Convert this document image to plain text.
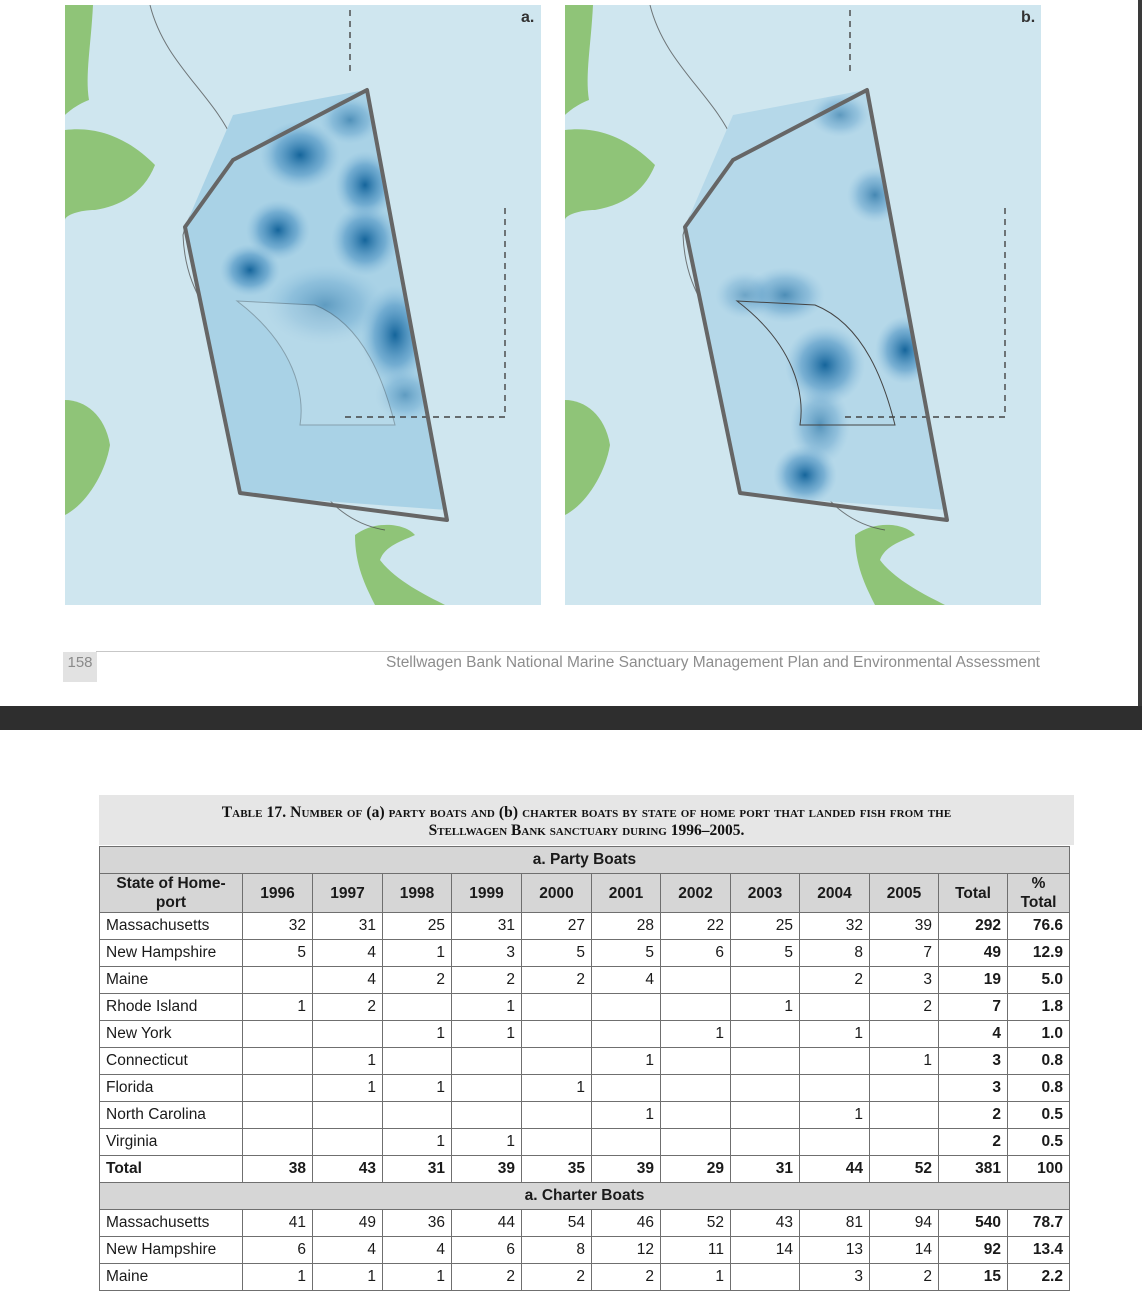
a.	b.
158	Stellwagen Bank National Marine Sanctuary Management Plan and Environmental Assessment
Table 17. Number of (a) party boats and (b) charter boats by state of home port that landed fish from the
Stellwagen Bank sanctuary during 1996–2005.
a. Party Boats												
State of Home-port	1996	1997	1998	1999	2000	2001	2002	2003	2004	2005	Total	% Total
Massachusetts	32	31	25	31	27	28	22	25	32	39	292	76.6
New Hampshire	5	4	1	3	5	5	6	5	8	7	49	12.9
Maine		4	2	2	2	4			2	3	19	5.0
Rhode Island	1	2		1				1		2	7	1.8
New York			1	1			1		1		4	1.0
Connecticut		1				1				1	3	0.8
Florida		1	1		1						3	0.8
North Carolina						1			1		2	0.5
Virginia			1	1							2	0.5
Total	38	43	31	39	35	39	29	31	44	52	381	100
a. Charter Boats												
Massachusetts	41	49	36	44	54	46	52	43	81	94	540	78.7
New Hampshire	6	4	4	6	8	12	11	14	13	14	92	13.4
Maine	1	1	1	2	2	2	1		3	2	15	2.2
